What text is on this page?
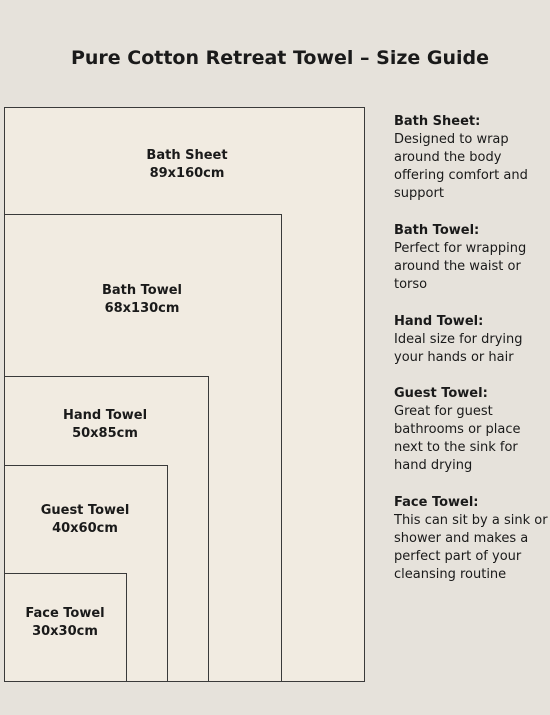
Pure Cotton Retreat Towel – Size Guide
Bath Sheet
89x160cm
Bath Towel
68x130cm
Hand Towel
50x85cm
Guest Towel
40x60cm
Face Towel
30x30cm
Bath Sheet:
Designed to wrap around the body offering comfort and support
Bath Towel:
Perfect for wrapping around the waist or torso
Hand Towel:
Ideal size for drying your hands or hair
Guest Towel:
Great for guest bathrooms or place next to the sink for hand drying
Face Towel:
This can sit by a sink or shower and makes a perfect part of your cleansing routine
